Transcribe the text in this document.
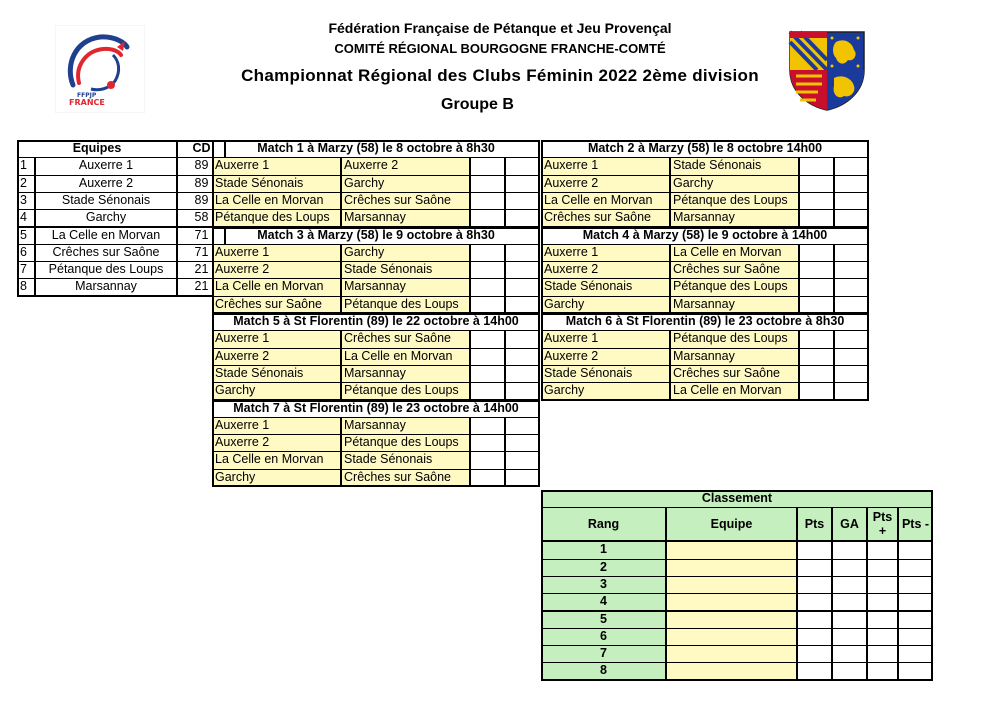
Fédération Française de Pétanque et Jeu Provençal
COMITÉ RÉGIONAL BOURGOGNE FRANCHE-COMTÉ
Championnat Régional des Clubs Féminin 2022 2ème division
Groupe B
FFPJP
FRANCE
Equipes	CD
1	Auxerre 1	89
2	Auxerre 2	89
3	Stade Sénonais	89
4	Garchy	58
5	La Celle en Morvan	71
6	Crêches sur Saône	71
7	Pétanque des Loups	21
8	Marsannay	21
Match 1 à Marzy (58) le 8 octobre à 8h30
Auxerre 1	Auxerre 2
Stade Sénonais	Garchy
La Celle en Morvan	Crêches sur Saône
Pétanque des Loups	Marsannay
Match 2 à Marzy (58) le 8 octobre 14h00
Auxerre 1	Stade Sénonais
Auxerre 2	Garchy
La Celle en Morvan	Pétanque des Loups
Crêches sur Saône	Marsannay
Match 3 à Marzy (58) le 9 octobre à 8h30
Auxerre 1	Garchy
Auxerre 2	Stade Sénonais
La Celle en Morvan	Marsannay
Crêches sur Saône	Pétanque des Loups
Match 4 à Marzy (58) le 9 octobre à 14h00
Auxerre 1	La Celle en Morvan
Auxerre 2	Crêches sur Saône
Stade Sénonais	Pétanque des Loups
Garchy	Marsannay
Match 5 à St Florentin (89) le 22 octobre à 14h00
Auxerre 1	Crêches sur Saône
Auxerre 2	La Celle en Morvan
Stade Sénonais	Marsannay
Garchy	Pétanque des Loups
Match 6 à St Florentin (89) le 23 octobre à 8h30
Auxerre 1	Pétanque des Loups
Auxerre 2	Marsannay
Stade Sénonais	Crêches sur Saône
Garchy	La Celle en Morvan
Match 7 à St Florentin (89) le 23 octobre à 14h00
Auxerre 1	Marsannay
Auxerre 2	Pétanque des Loups
La Celle en Morvan	Stade Sénonais
Garchy	Crêches sur Saône
Classement
Rang	Equipe	Pts	GA	Pts +	Pts -
1
2
3
4
5
6
7
8
